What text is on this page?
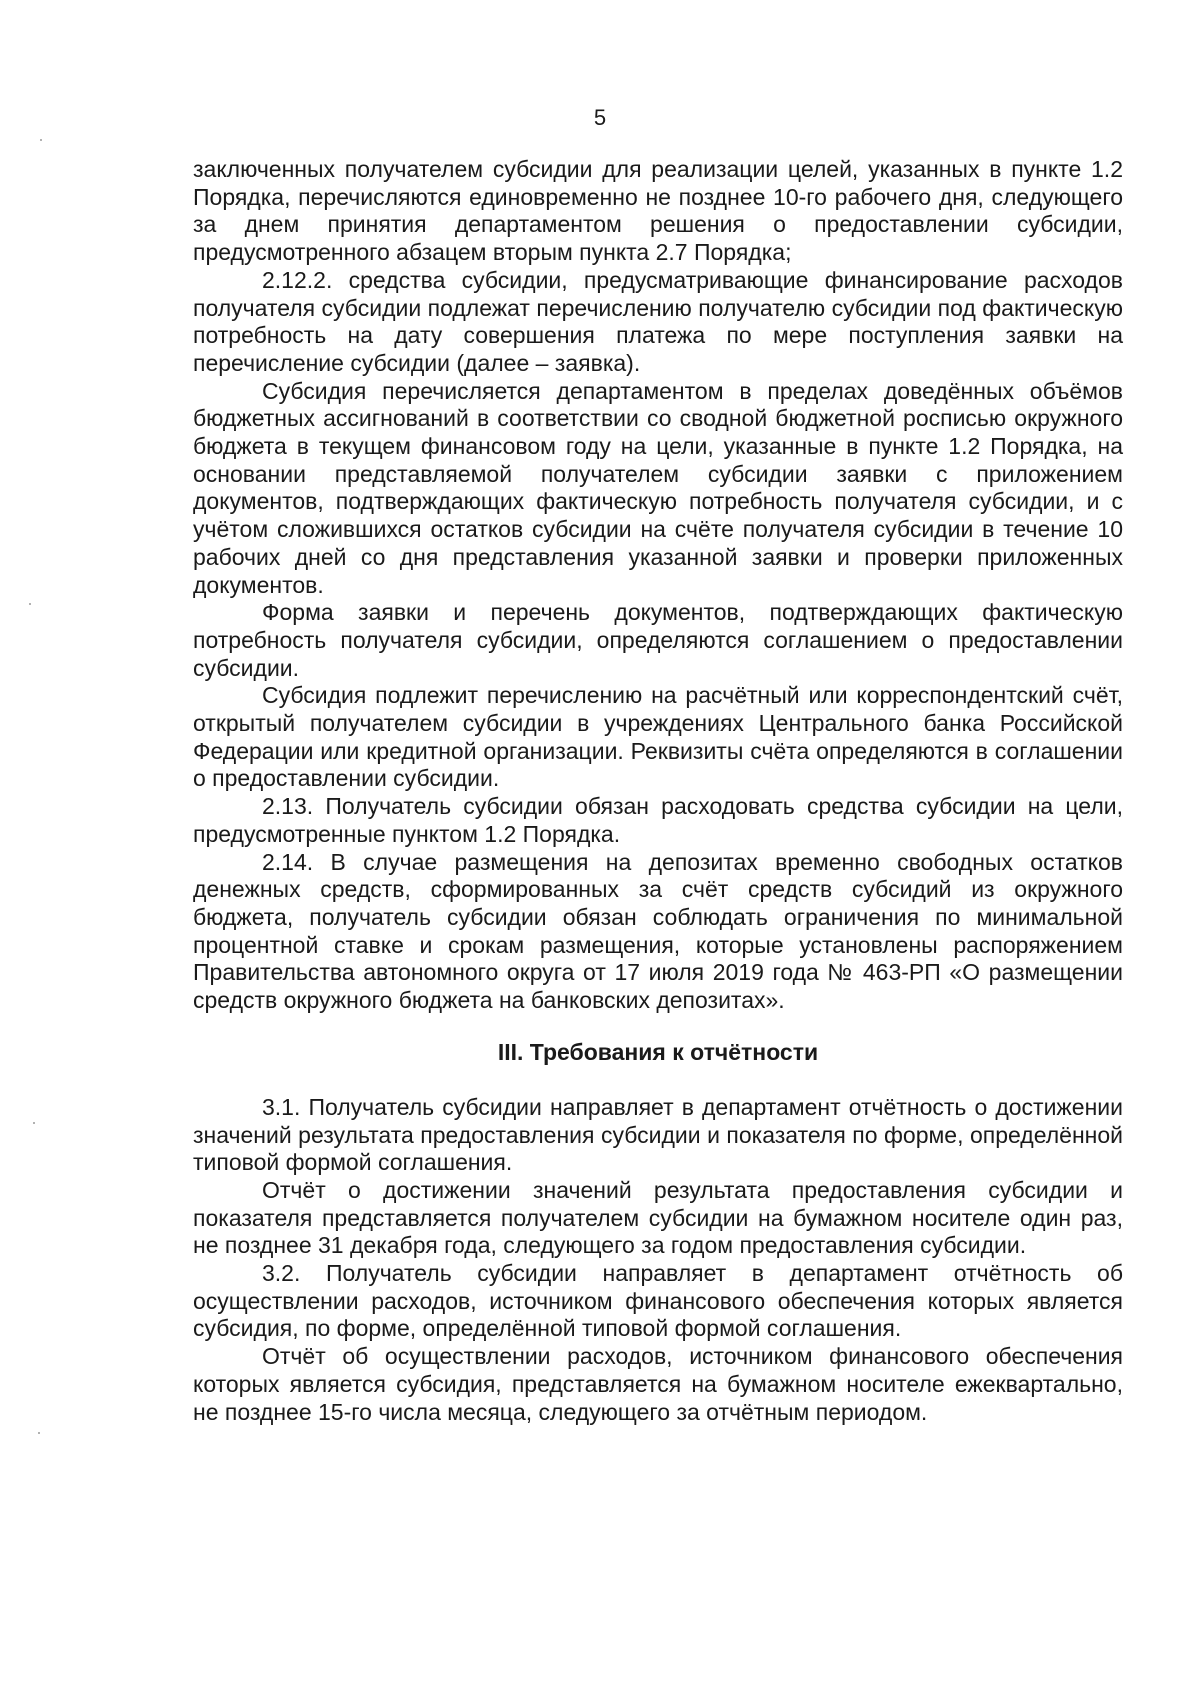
5

заключенных получателем субсидии для реализации целей, указанных в пункте 1.2 Порядка, перечисляются единовременно не позднее 10-го рабочего дня, следующего за днем принятия департаментом решения о предоставлении субсидии, предусмотренного абзацем вторым пункта 2.7 Порядка;

2.12.2. средства субсидии, предусматривающие финансирование расходов получателя субсидии подлежат перечислению получателю субсидии под фактическую потребность на дату совершения платежа по мере поступления заявки на перечисление субсидии (далее – заявка).

Субсидия перечисляется департаментом в пределах доведённых объёмов бюджетных ассигнований в соответствии со сводной бюджетной росписью окружного бюджета в текущем финансовом году на цели, указанные в пункте 1.2 Порядка, на основании представляемой получателем субсидии заявки с приложением документов, подтверждающих фактическую потребность получателя субсидии, и с учётом сложившихся остатков субсидии на счёте получателя субсидии в течение 10 рабочих дней со дня представления указанной заявки и проверки приложенных документов.

Форма заявки и перечень документов, подтверждающих фактическую потребность получателя субсидии, определяются соглашением о предоставлении субсидии.

Субсидия подлежит перечислению на расчётный или корреспондентский счёт, открытый получателем субсидии в учреждениях Центрального банка Российской Федерации или кредитной организации. Реквизиты счёта определяются в соглашении о предоставлении субсидии.

2.13. Получатель субсидии обязан расходовать средства субсидии на цели, предусмотренные пунктом 1.2 Порядка.

2.14. В случае размещения на депозитах временно свободных остатков денежных средств, сформированных за счёт средств субсидий из окружного бюджета, получатель субсидии обязан соблюдать ограничения по минимальной процентной ставке и срокам размещения, которые установлены распоряжением Правительства автономного округа от 17 июля 2019 года № 463-РП «О размещении средств окружного бюджета на банковских депозитах».

III. Требования к отчётности

3.1. Получатель субсидии направляет в департамент отчётность о достижении значений результата предоставления субсидии и показателя по форме, определённой типовой формой соглашения.

Отчёт о достижении значений результата предоставления субсидии и показателя представляется получателем субсидии на бумажном носителе один раз, не позднее 31 декабря года, следующего за годом предоставления субсидии.

3.2. Получатель субсидии направляет в департамент отчётность об осуществлении расходов, источником финансового обеспечения которых является субсидия, по форме, определённой типовой формой соглашения.

Отчёт об осуществлении расходов, источником финансового обеспечения которых является субсидия, представляется на бумажном носителе ежеквартально, не позднее 15-го числа месяца, следующего за отчётным периодом.
